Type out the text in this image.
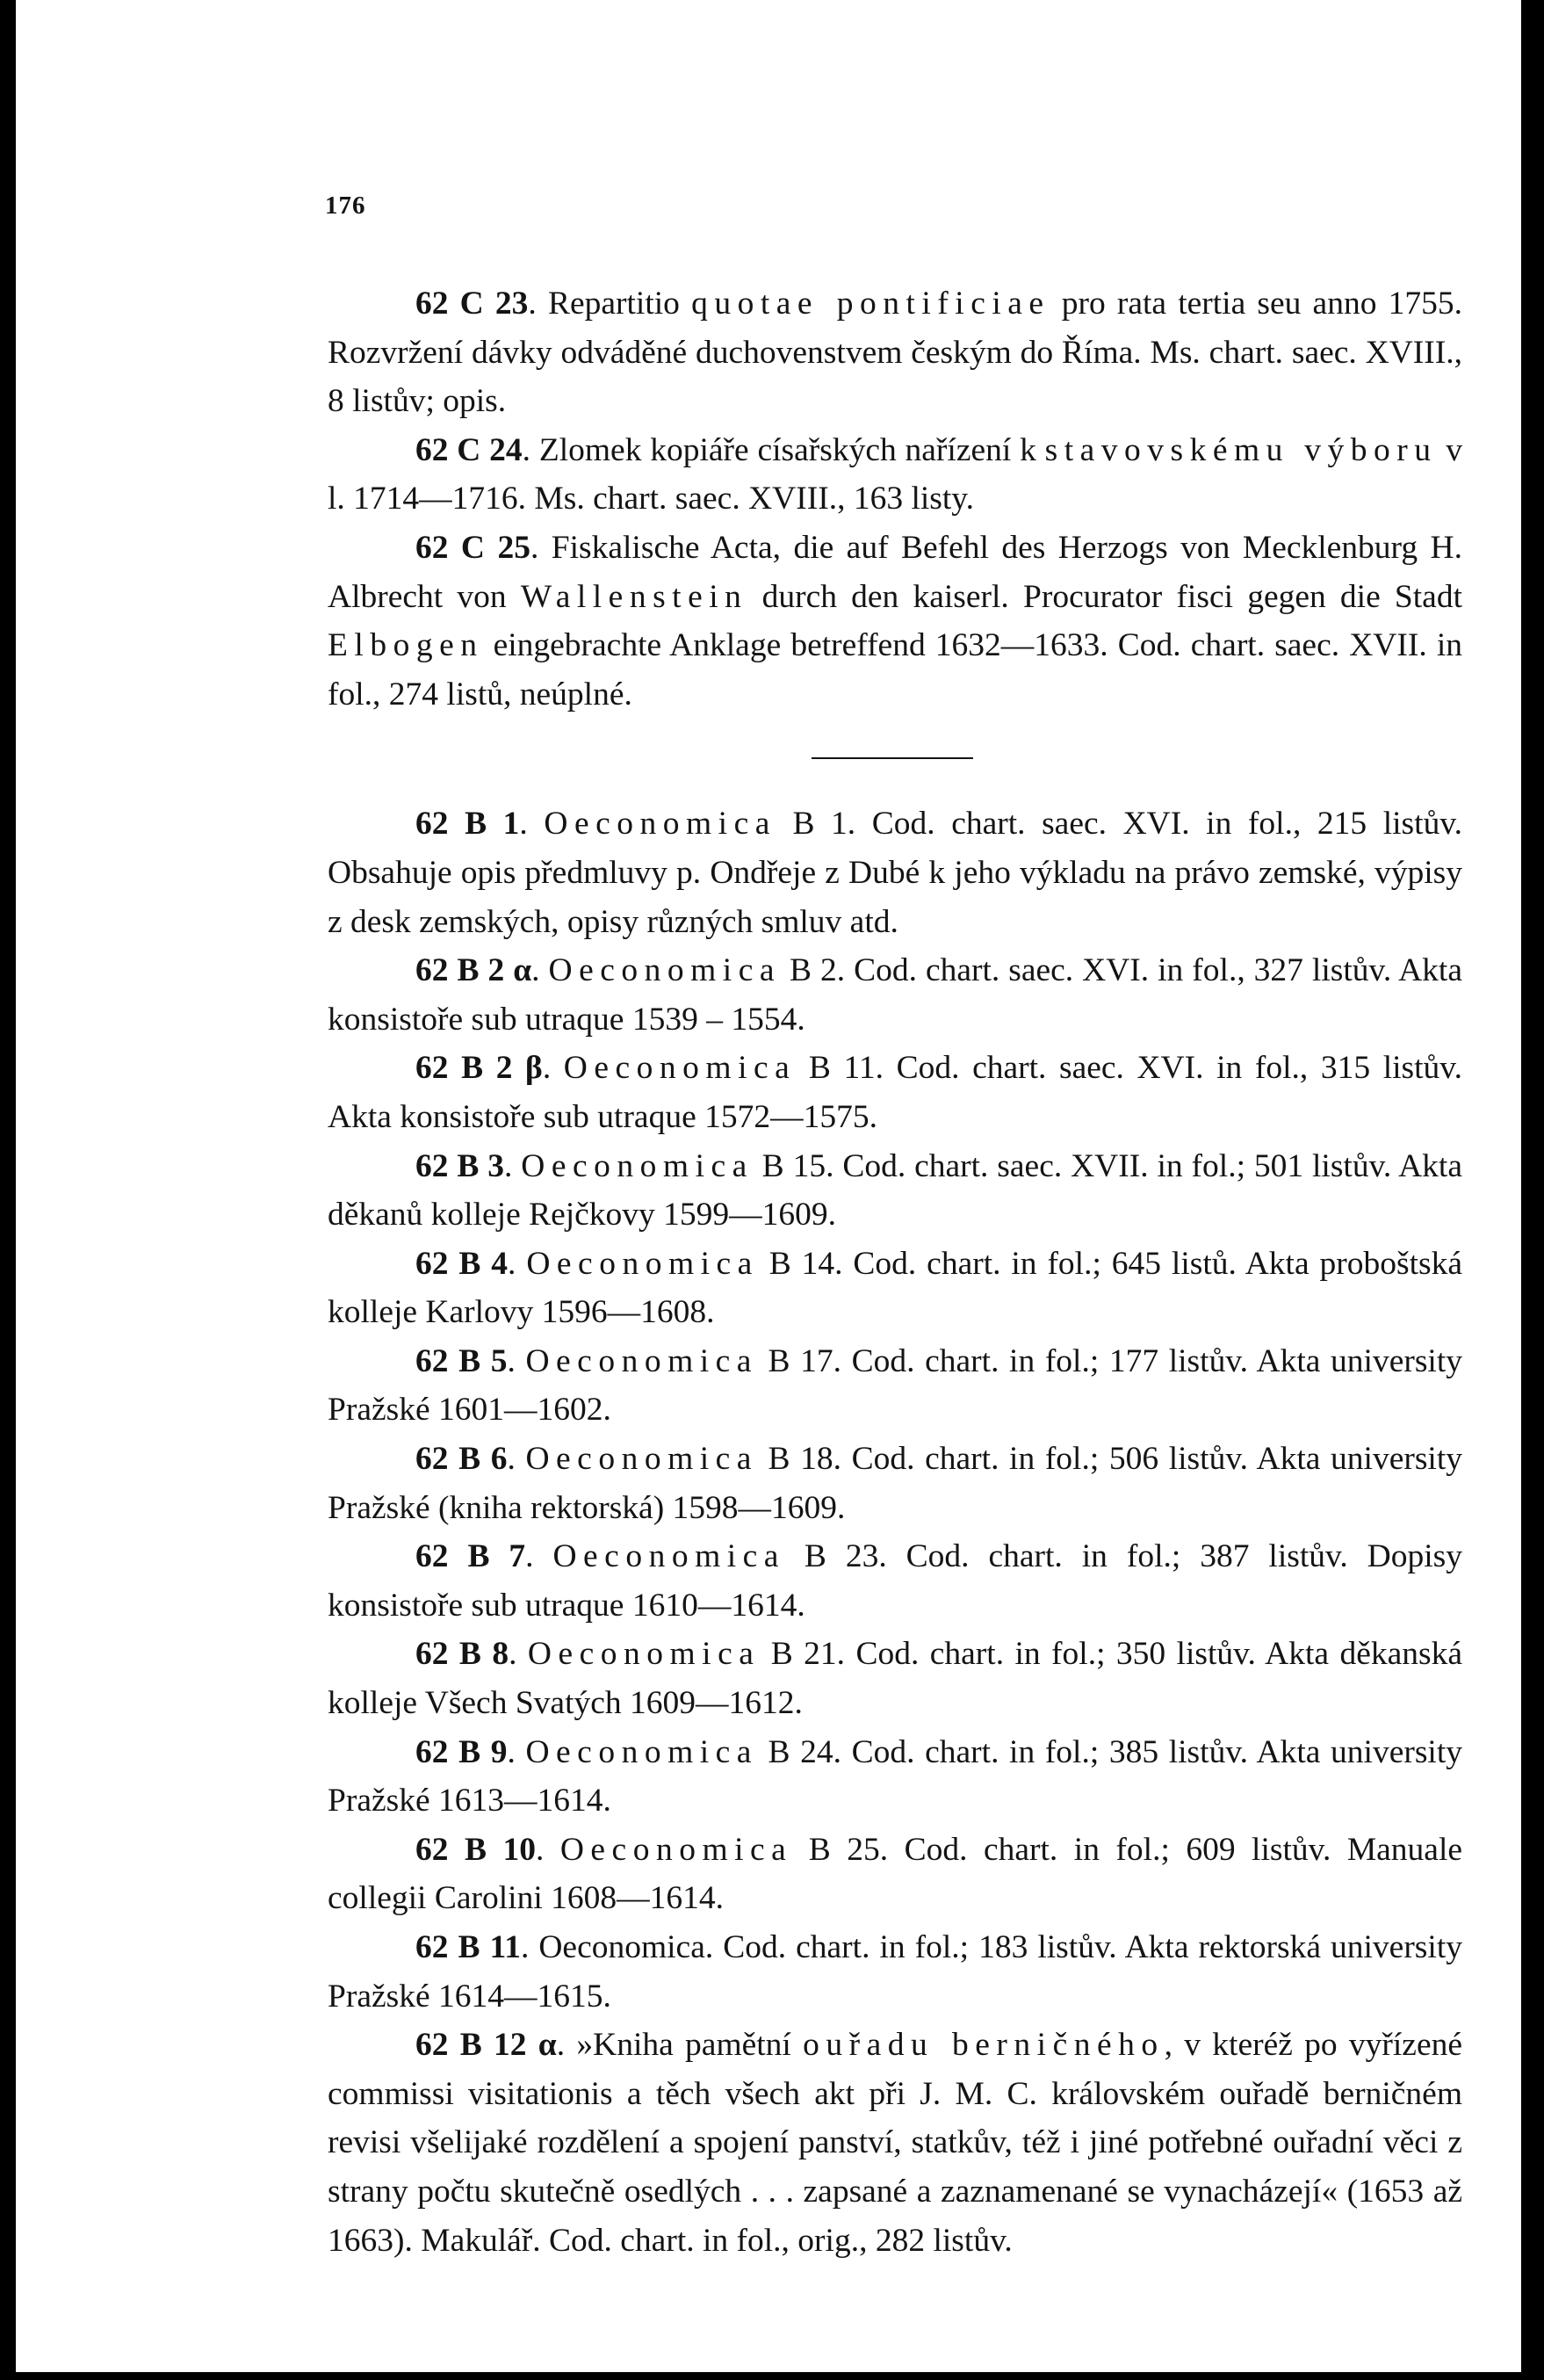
176

62 C 23. Repartitio quotae pontificiae pro rata tertia seu anno 1755. Rozvržení dávky odváděné duchovenstvem českým do Říma. Ms. chart. saec. XVIII., 8 listův; opis.

62 C 24. Zlomek kopiáře císařských nařízení k stavovskému výboru v l. 1714—1716. Ms. chart. saec. XVIII., 163 listy.

62 C 25. Fiskalische Acta, die auf Befehl des Herzogs von Mecklenburg H. Albrecht von Wallenstein durch den kaiserl. Procurator fisci gegen die Stadt Elbogen eingebrachte Anklage betreffend 1632—1633. Cod. chart. saec. XVII. in fol., 274 listů, neúplné.

62 B 1. Oeconomica B 1. Cod. chart. saec. XVI. in fol., 215 listův. Obsahuje opis předmluvy p. Ondřeje z Dubé k jeho výkladu na právo zemské, výpisy z desk zemských, opisy různých smluv atd.

62 B 2 α. Oeconomica B 2. Cod. chart. saec. XVI. in fol., 327 listův. Akta konsistoře sub utraque 1539 – 1554.

62 B 2 β. Oeconomica B 11. Cod. chart. saec. XVI. in fol., 315 listův. Akta konsistoře sub utraque 1572—1575.

62 B 3. Oeconomica B 15. Cod. chart. saec. XVII. in fol.; 501 listův. Akta děkanů kolleje Rejčkovy 1599—1609.

62 B 4. Oeconomica B 14. Cod. chart. in fol.; 645 listů. Akta proboštská kolleje Karlovy 1596—1608.

62 B 5. Oeconomica B 17. Cod. chart. in fol.; 177 listův. Akta university Pražské 1601—1602.

62 B 6. Oeconomica B 18. Cod. chart. in fol.; 506 listův. Akta university Pražské (kniha rektorská) 1598—1609.

62 B 7. Oeconomica B 23. Cod. chart. in fol.; 387 listův. Dopisy konsistoře sub utraque 1610—1614.

62 B 8. Oeconomica B 21. Cod. chart. in fol.; 350 listův. Akta děkanská kolleje Všech Svatých 1609—1612.

62 B 9. Oeconomica B 24. Cod. chart. in fol.; 385 listův. Akta university Pražské 1613—1614.

62 B 10. Oeconomica B 25. Cod. chart. in fol.; 609 listův. Manuale collegii Carolini 1608—1614.

62 B 11. Oeconomica. Cod. chart. in fol.; 183 listův. Akta rektorská university Pražské 1614—1615.

62 B 12 α. »Kniha pamětní ouřadu berničného, v kteréž po vyřízené commissi visitationis a těch všech akt při J. M. C. královském ouřadě berničném revisi všelijaké rozdělení a spojení panství, statkův, též i jiné potřebné ouřadní věci z strany počtu skutečně osedlých . . . zapsané a zaznamenané se vynacházejí« (1653 až 1663). Makulář. Cod. chart. in fol., orig., 282 listův.
